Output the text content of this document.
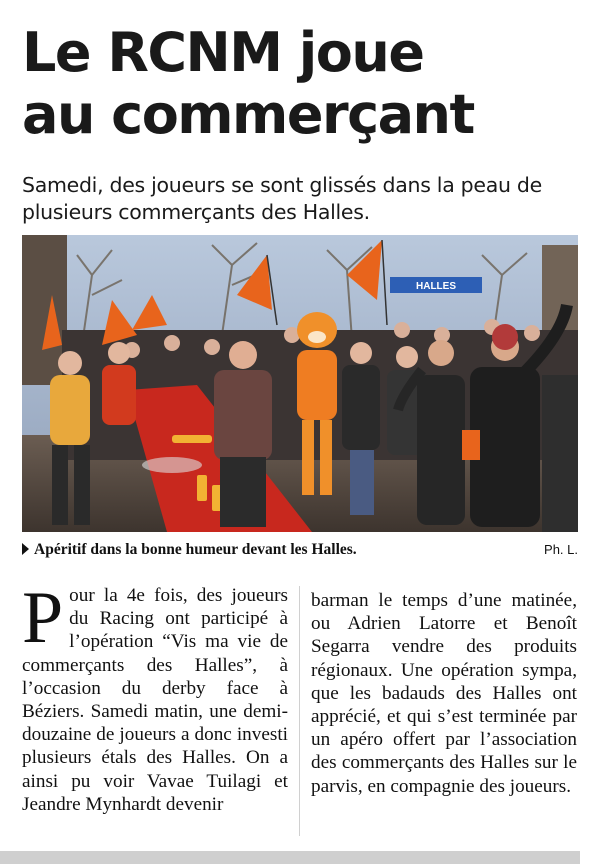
Le RCNM joue
au commerçant
Samedi, des joueurs se sont glissés dans la peau de plusieurs commerçants des Halles.
HALLES
Apéritif dans la bonne humeur devant les Halles.	Ph. L.
P our la 4e fois, des joueurs du Racing ont participé à l’opération “Vis ma vie de commerçants des Halles”, à l’occasion du derby face à Béziers. Samedi matin, une demi-douzaine de joueurs a donc investi plusieurs étals des Halles. On a ainsi pu voir Vavae Tuilagi et Jeandre Mynhardt devenir

barman le temps d’une matinée, ou Adrien Latorre et Benoît Segarra vendre des produits régionaux. Une opération sympa, que les badauds des Halles ont apprécié, et qui s’est terminée par un apéro offert par l’association des commerçants des Halles sur le parvis, en compagnie des joueurs.
